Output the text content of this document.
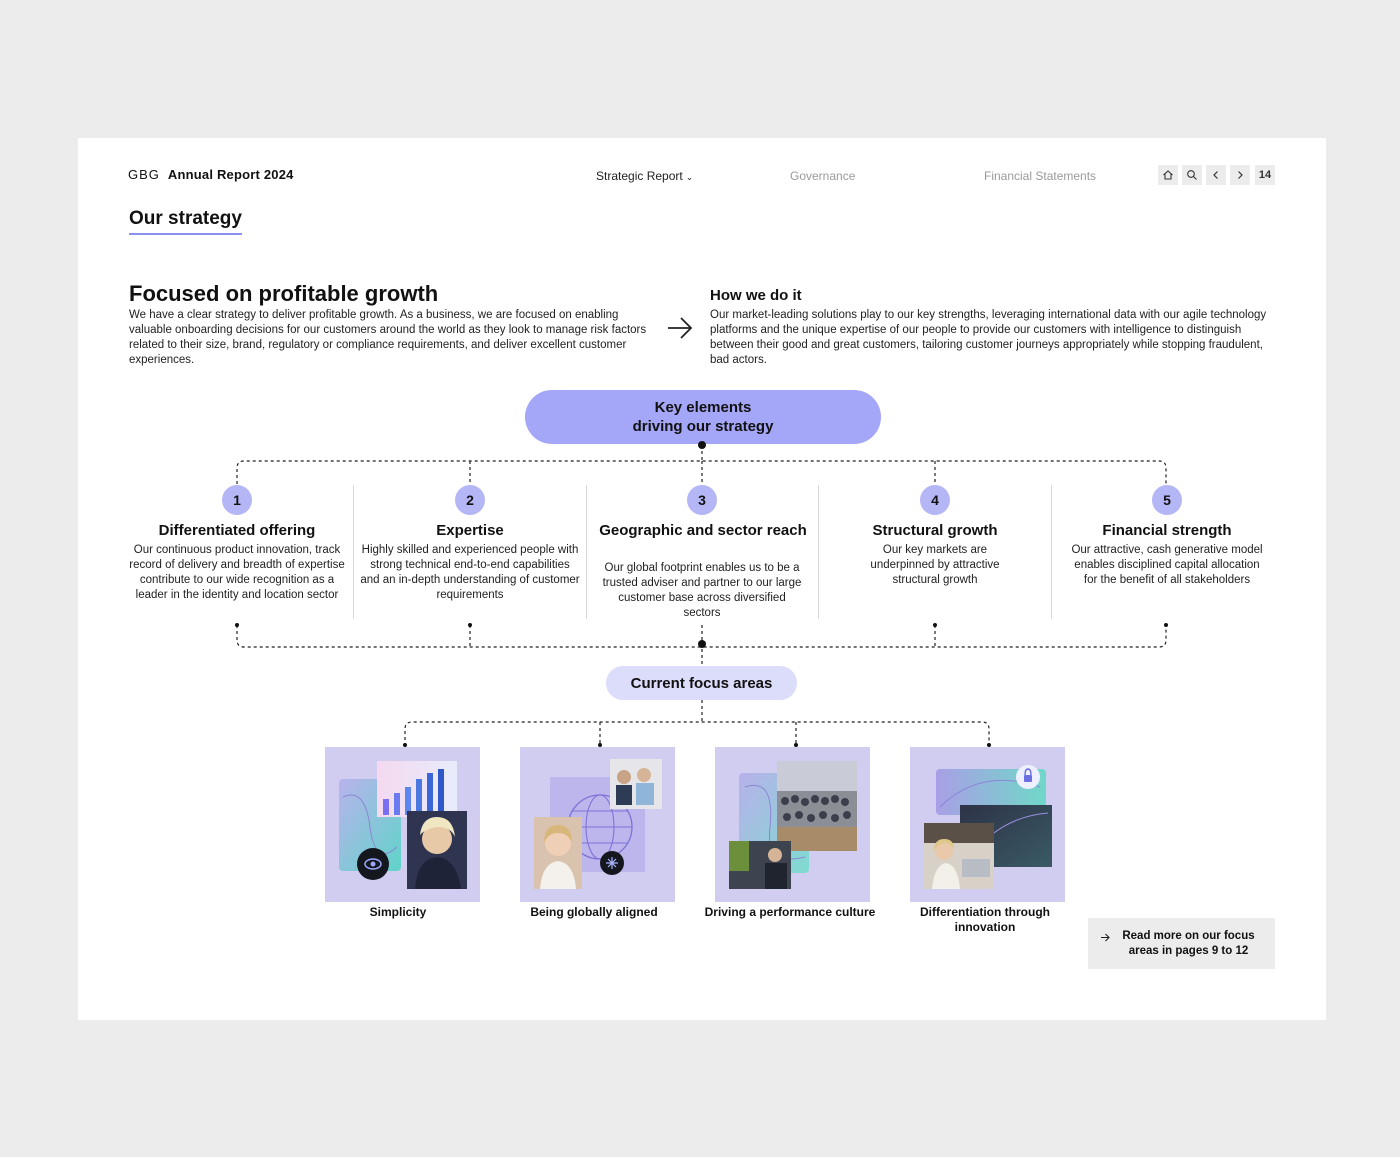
GBG Annual Report 2024	Strategic Report ⌄	Governance	Financial Statements	14
Our strategy
Focused on profitable growth
We have a clear strategy to deliver profitable growth. As a business, we are focused on enabling valuable onboarding decisions for our customers around the world as they look to manage risk factors related to their size, brand, regulatory or compliance requirements, and deliver excellent customer experiences.
How we do it
Our market-leading solutions play to our key strengths, leveraging international data with our agile technology platforms and the unique expertise of our people to provide our customers with intelligence to distinguish between their good and great customers, tailoring customer journeys appropriately while stopping fraudulent, bad actors.
Key elements
driving our strategy
1
Differentiated offering
Our continuous product innovation, track record of delivery and breadth of expertise contribute to our wide recognition as a leader in the identity and location sector
2
Expertise
Highly skilled and experienced people with strong technical end-to-end capabilities and an in-depth understanding of customer requirements
3
Geographic and sector reach
Our global footprint enables us to be a trusted adviser and partner to our large customer base across diversified sectors
4
Structural growth
Our key markets are underpinned by attractive structural growth
5
Financial strength
Our attractive, cash generative model enables disciplined capital allocation for the benefit of all stakeholders
Current focus areas
Simplicity	Being globally aligned	Driving a performance culture	Differentiation through innovation
Read more on our focus areas in pages 9 to 12
